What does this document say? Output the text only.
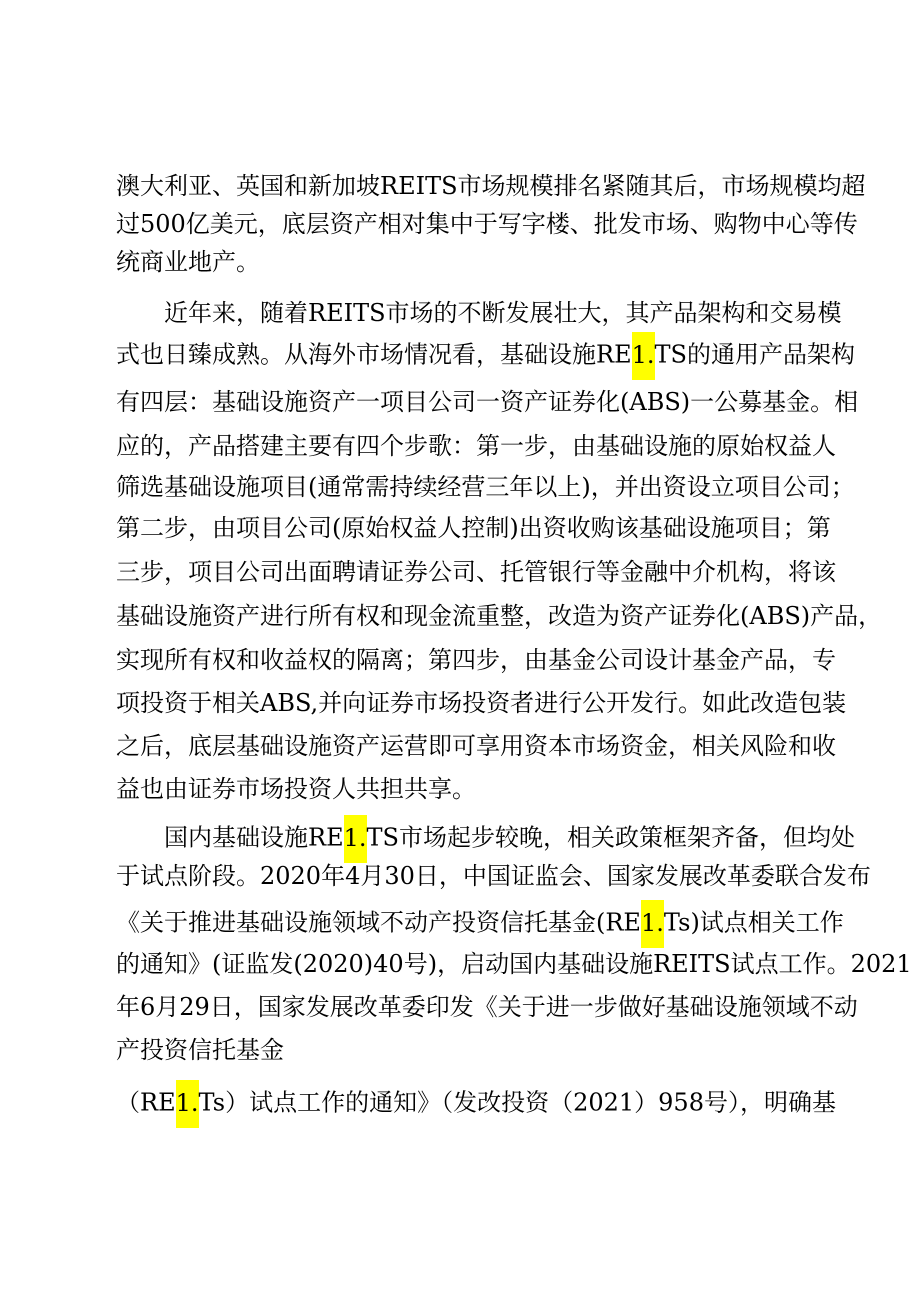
澳大利亚、英国和新加坡REITS市场规模排名紧随其后，市场规模均超
过500亿美元，底层资产相对集中于写字楼、批发市场、购物中心等传
统商业地产。
近年来，随着REITS市场的不断发展壮大，其产品架构和交易模
式也日臻成熟。从海外市场情况看，基础设施RE1.TS的通用产品架构
有四层：基础设施资产一项目公司一资产证券化(ABS)一公募基金。相
应的，产品搭建主要有四个步歌：第一步，由基础设施的原始权益人
筛选基础设施项目(通常需持续经营三年以上)，并出资设立项目公司；
第二步，由项目公司(原始权益人控制)出资收购该基础设施项目；第
三步，项目公司出面聘请证券公司、托管银行等金融中介机构，将该
基础设施资产进行所有权和现金流重整，改造为资产证券化(ABS)产品，
实现所有权和收益权的隔离；第四步，由基金公司设计基金产品，专
项投资于相关ABS,并向证券市场投资者进行公开发行。如此改造包装
之后，底层基础设施资产运营即可享用资本市场资金，相关风险和收
益也由证券市场投资人共担共享。
国内基础设施RE1.TS市场起步较晚，相关政策框架齐备，但均处
于试点阶段。2020年4月30日，中国证监会、国家发展改革委联合发布
《关于推进基础设施领域不动产投资信托基金(RE1.Ts)试点相关工作
的通知》(证监发(2020)40号)，启动国内基础设施REITS试点工作。2021
年6月29日，国家发展改革委印发《关于进一步做好基础设施领域不动
产投资信托基金
（RE1.Ts）试点工作的通知》（发改投资（2021）958号），明确基
